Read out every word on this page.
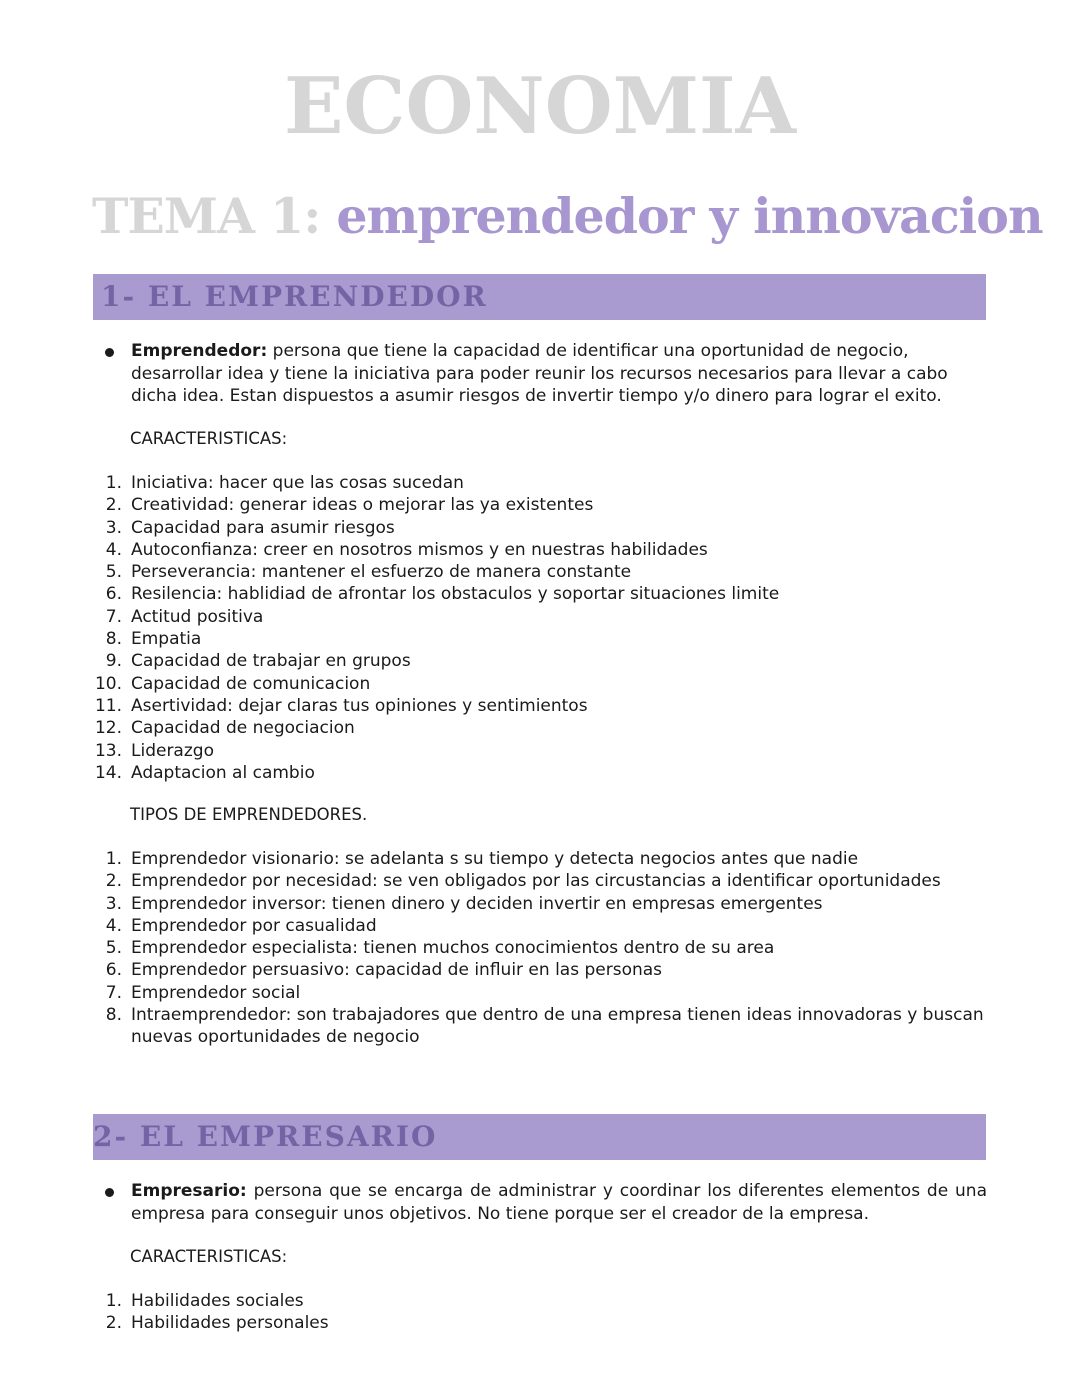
ECONOMIA
TEMA 1: emprendedor y innovacion
1- EL EMPRENDEDOR

Emprendedor: persona que tiene la capacidad de identificar una oportunidad de negocio, desarrollar idea y tiene la iniciativa para poder reunir los recursos necesarios para llevar a cabo dicha idea. Estan dispuestos a asumir riesgos de invertir tiempo y/o dinero para lograr el exito.

CARACTERISTICAS:

1. Iniciativa: hacer que las cosas sucedan
2. Creatividad: generar ideas o mejorar las ya existentes
3. Capacidad para asumir riesgos
4. Autoconfianza: creer en nosotros mismos y en nuestras habilidades
5. Perseverancia: mantener el esfuerzo de manera constante
6. Resilencia: hablidiad de afrontar los obstaculos y soportar situaciones limite
7. Actitud positiva
8. Empatia
9. Capacidad de trabajar en grupos
10. Capacidad de comunicacion
11. Asertividad: dejar claras tus opiniones y sentimientos
12. Capacidad de negociacion
13. Liderazgo
14. Adaptacion al cambio

TIPOS DE EMPRENDEDORES.

1. Emprendedor visionario: se adelanta s su tiempo y detecta negocios antes que nadie
2. Emprendedor por necesidad: se ven obligados por las circustancias a identificar oportunidades
3. Emprendedor inversor: tienen dinero y deciden invertir en empresas emergentes
4. Emprendedor por casualidad
5. Emprendedor especialista: tienen muchos conocimientos dentro de su area
6. Emprendedor persuasivo: capacidad de influir en las personas
7. Emprendedor social
8. Intraemprendedor: son trabajadores que dentro de una empresa tienen ideas innovadoras y buscan nuevas oportunidades de negocio
2- EL EMPRESARIO

Empresario: persona que se encarga de administrar y coordinar los diferentes elementos de una empresa para conseguir unos objetivos. No tiene porque ser el creador de la empresa.

CARACTERISTICAS:

1. Habilidades sociales
2. Habilidades personales
